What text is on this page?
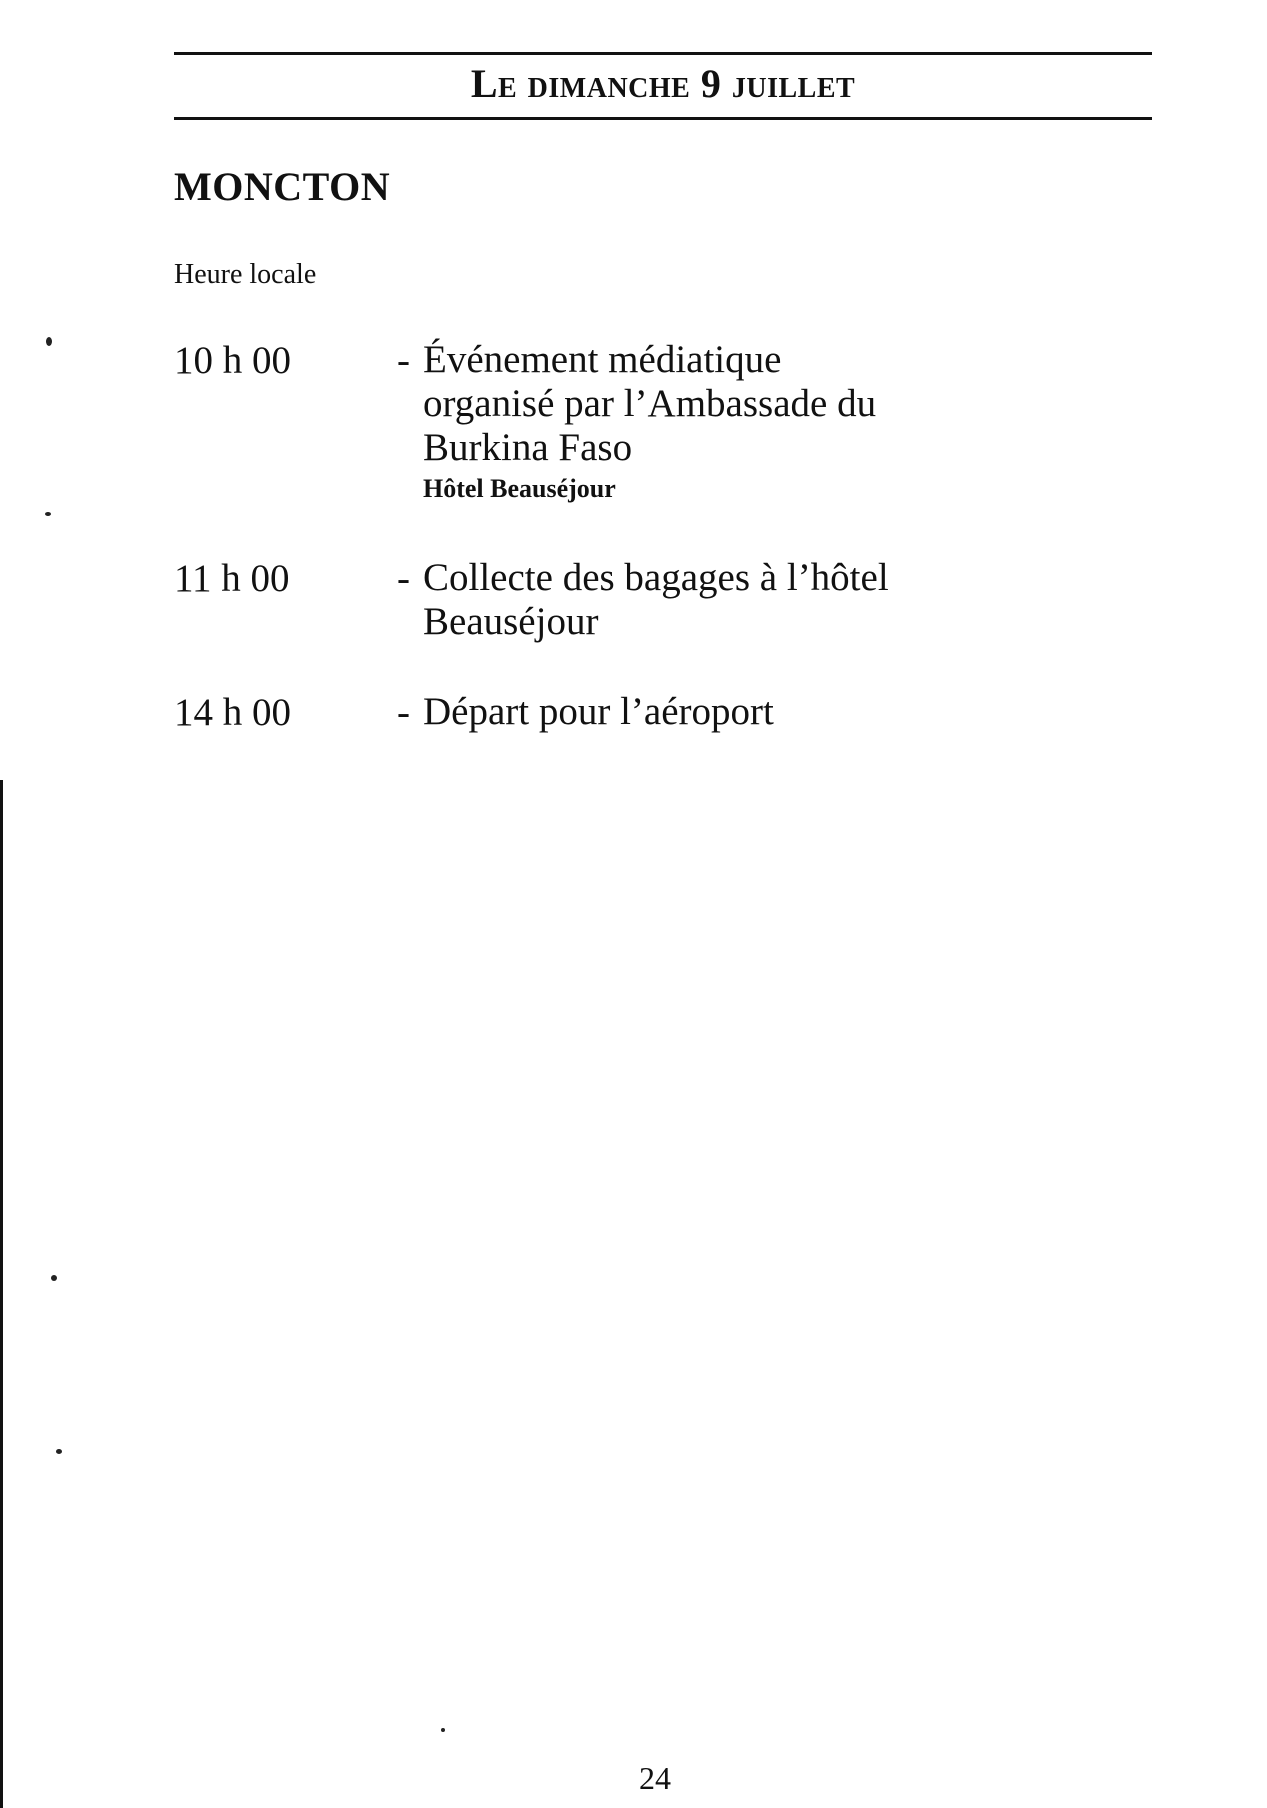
Le dimanche 9 juillet
MONCTON
Heure locale
10 h 00	- Événement médiatique
organisé par l’Ambassade du
Burkina Faso
Hôtel Beauséjour
11 h 00	- Collecte des bagages à l’hôtel
Beauséjour
14 h 00	- Départ pour l’aéroport
24
